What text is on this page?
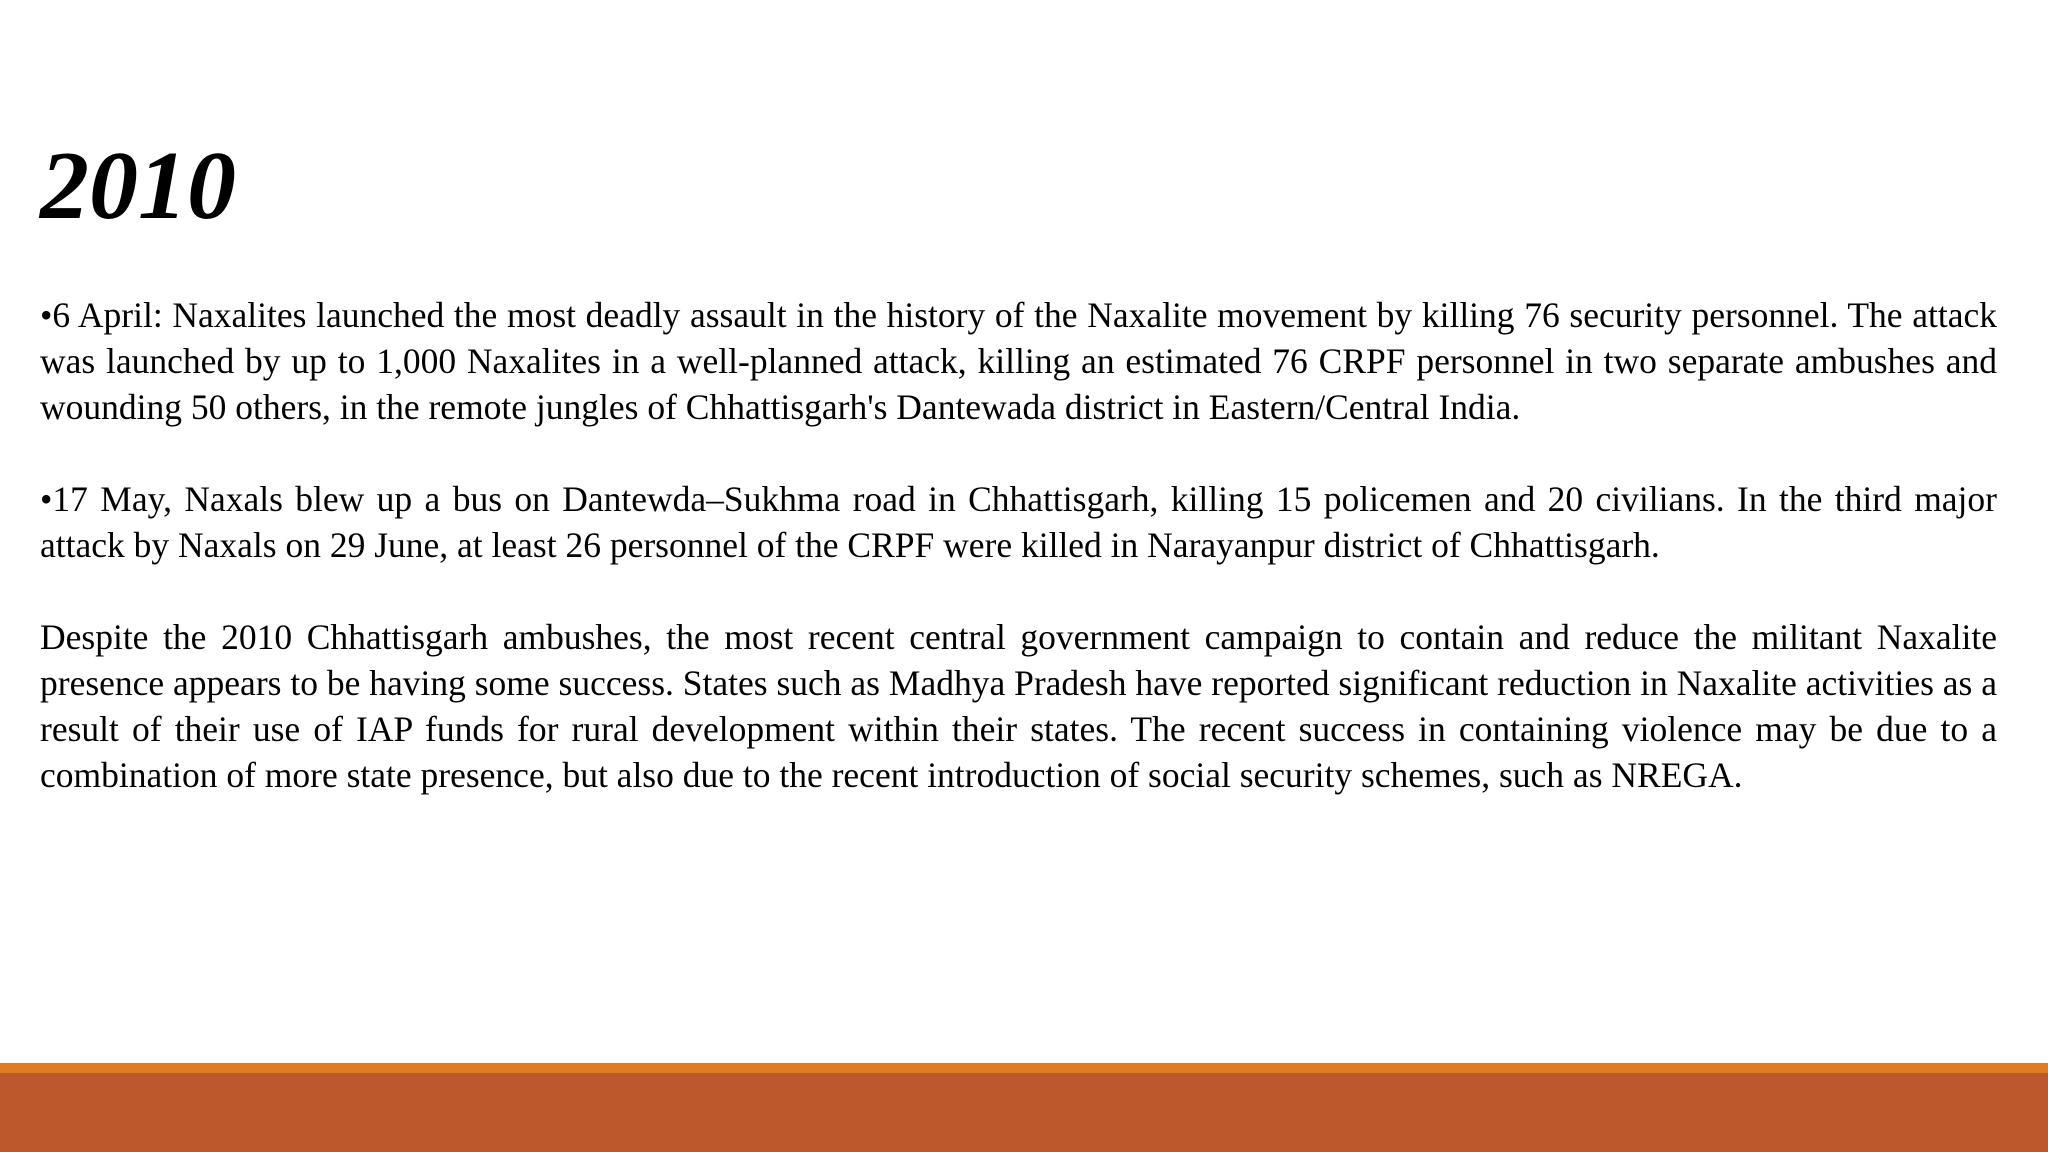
2010

•6 April: Naxalites launched the most deadly assault in the history of the Naxalite movement by killing 76 security personnel. The attack was launched by up to 1,000 Naxalites in a well-planned attack, killing an estimated 76 CRPF personnel in two separate ambushes and wounding 50 others, in the remote jungles of Chhattisgarh's Dantewada district in Eastern/Central India.

•17 May, Naxals blew up a bus on Dantewda–Sukhma road in Chhattisgarh, killing 15 policemen and 20 civilians. In the third major attack by Naxals on 29 June, at least 26 personnel of the CRPF were killed in Narayanpur district of Chhattisgarh.

Despite the 2010 Chhattisgarh ambushes, the most recent central government campaign to contain and reduce the militant Naxalite presence appears to be having some success. States such as Madhya Pradesh have reported significant reduction in Naxalite activities as a result of their use of IAP funds for rural development within their states. The recent success in containing violence may be due to a combination of more state presence, but also due to the recent introduction of social security schemes, such as NREGA.
